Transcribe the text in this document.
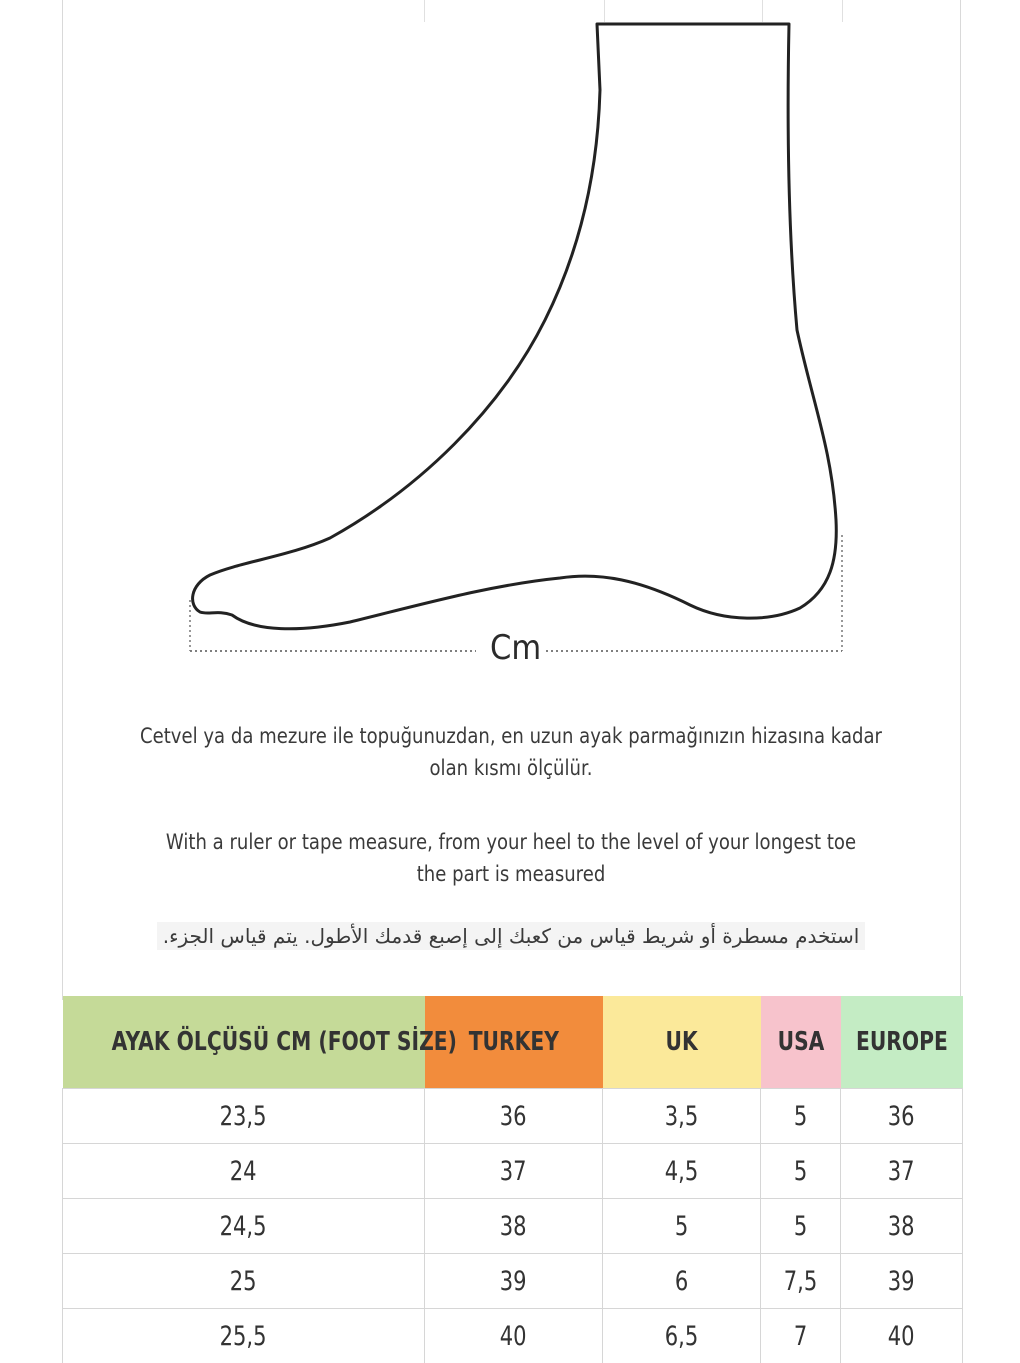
Cm
Cetvel ya da mezure ile topuğunuzdan, en uzun ayak parmağınızın hizasına kadar
olan kısmı ölçülür.
With a ruler or tape measure, from your heel to the level of your longest toe
the part is measured
استخدم مسطرة أو شريط قياس من كعبك إلى إصبع قدمك الأطول. يتم قياس الجزء.
AYAK ÖLÇÜSÜ CM (FOOT SİZE)	TURKEY	UK	USA	EUROPE
23,5	36	3,5	5	36
24	37	4,5	5	37
24,5	38	5	5	38
25	39	6	7,5	39
25,5	40	6,5	7	40
